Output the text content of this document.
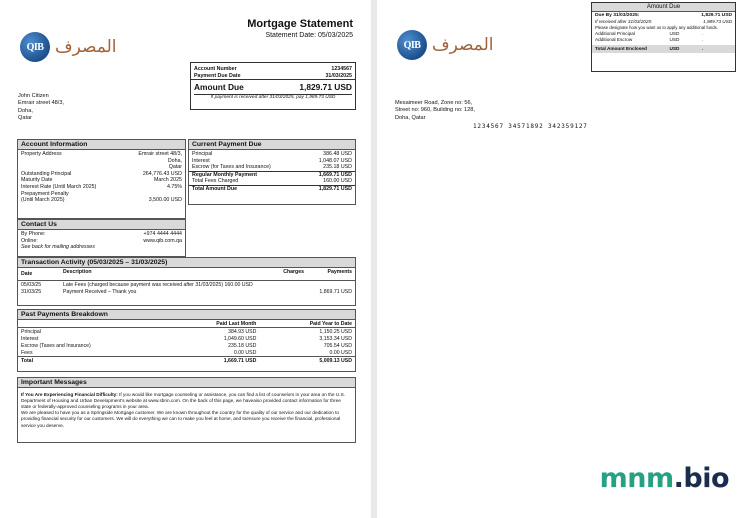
QIB المصرف
Mortgage Statement
Statement Date: 05/03/2025
Account Number	1234567
Payment Due Date	31/03/2025
Amount Due	1,829.71 USD
If payment is received after 31/03/2025, pay 1,989.73 USD
John Citizen
Emrair street 48/3,
Doha,
Qatar
Account Information
Property Address	Emrair street 48/3,
Doha,
Qatar
Outstanding Principal	264,776.43 USD
Maturity Date	March 2025
Interest Rate (Until March 2025)	4.75%
Prepayment Penalty
(Until March 2025)	3,500.00 USD
Contact Us
By Phone:	+974 4444 4444
Online:	www.qib.com.qa
See back for mailing addresses
Current Payment Due
Principal	386.48 USD
Interest	1,048.07 USD
Escrow (for Taxes and Insurance)	235.18 USD
Regular Monthly Payment	1,669.71 USD
Total Fees Charged	160.00 USD
Total Amount Due	1,829.71 USD
Transaction Activity (05/03/2025 – 31/03/2025)
Date	Description	Charges	Payments
05/03/25	Late Fees (charged because payment was received after 31/03/2025) 160.00 USD		
31/03/25	Payment Received – Thank you		1,869.71 USD
Past Payments Breakdown
	Paid Last Month	Paid Year to Date
Principal	384.93 USD	1,150.25 USD
Interest	1,049.60 USD	3,153.34 USD
Escrow (Taxes and Insurance)	235.18 USD	705.54 USD
Fees	0.00 USD	0.00 USD
Total	1,669.71 USD	5,009.13 USD
Important Messages
If You Are Experiencing Financial Difficulty: If you would like mortgage counseling or assistance, you can find a list of counselors in your area on the U.S. Department of Housing and Urban Development's website at www.sbnn.com. On the back of this page, we haveaiso provided contact information for three state or federally-approved counseling programs in your area.
We are pleased to have you as a Springside Mortgage customer. We are known throughout the country for the quality of our service and our dedication to providing financial security for our customers. We will do everything we can to make you feel at home, and toensure you receive the financial, professional service you deserve.
Amount Due
Due By 31/03/2025:	1,829.71 USD
If received after 31/03/2025:	1,989.73 USD
Please designate how you want us to apply any additional funds.
Additional Principal	USD	.
Additional Escrow	USD	.
Total Amount Enclosed	USD	.
QIB المصرف
Mesaimeer Road, Zone no: 56,
Street no: 960, Building no: 128,
Doha, Qatar
1234567 34571892 342359127
mnm.bio
